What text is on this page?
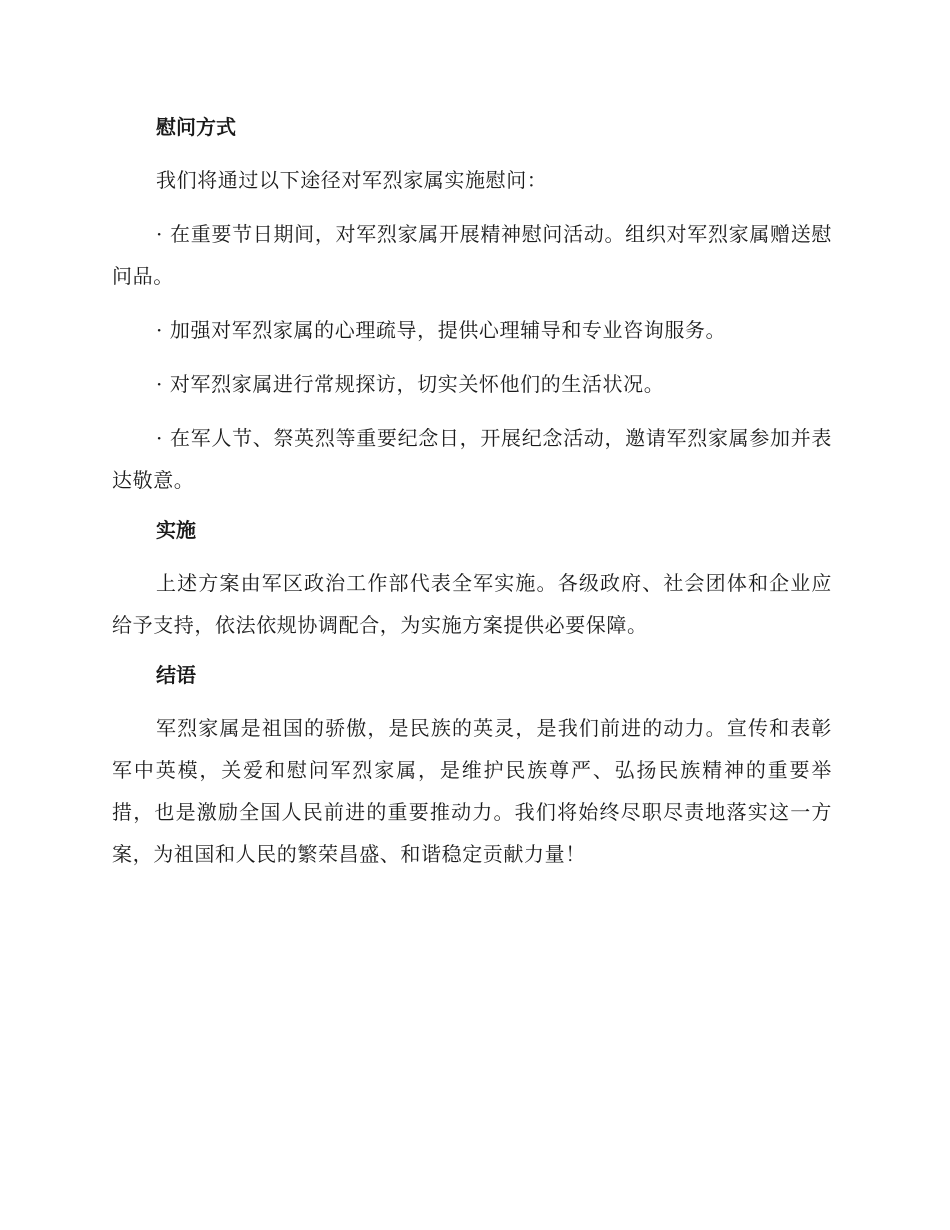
慰问方式

我们将通过以下途径对军烈家属实施慰问：

· 在重要节日期间，对军烈家属开展精神慰问活动。组织对军烈家属赠送慰问品。

· 加强对军烈家属的心理疏导，提供心理辅导和专业咨询服务。

· 对军烈家属进行常规探访，切实关怀他们的生活状况。

· 在军人节、祭英烈等重要纪念日，开展纪念活动，邀请军烈家属参加并表达敬意。

实施

上述方案由军区政治工作部代表全军实施。各级政府、社会团体和企业应给予支持，依法依规协调配合，为实施方案提供必要保障。

结语

军烈家属是祖国的骄傲，是民族的英灵，是我们前进的动力。宣传和表彰军中英模，关爱和慰问军烈家属，是维护民族尊严、弘扬民族精神的重要举措，也是激励全国人民前进的重要推动力。我们将始终尽职尽责地落实这一方案，为祖国和人民的繁荣昌盛、和谐稳定贡献力量！
